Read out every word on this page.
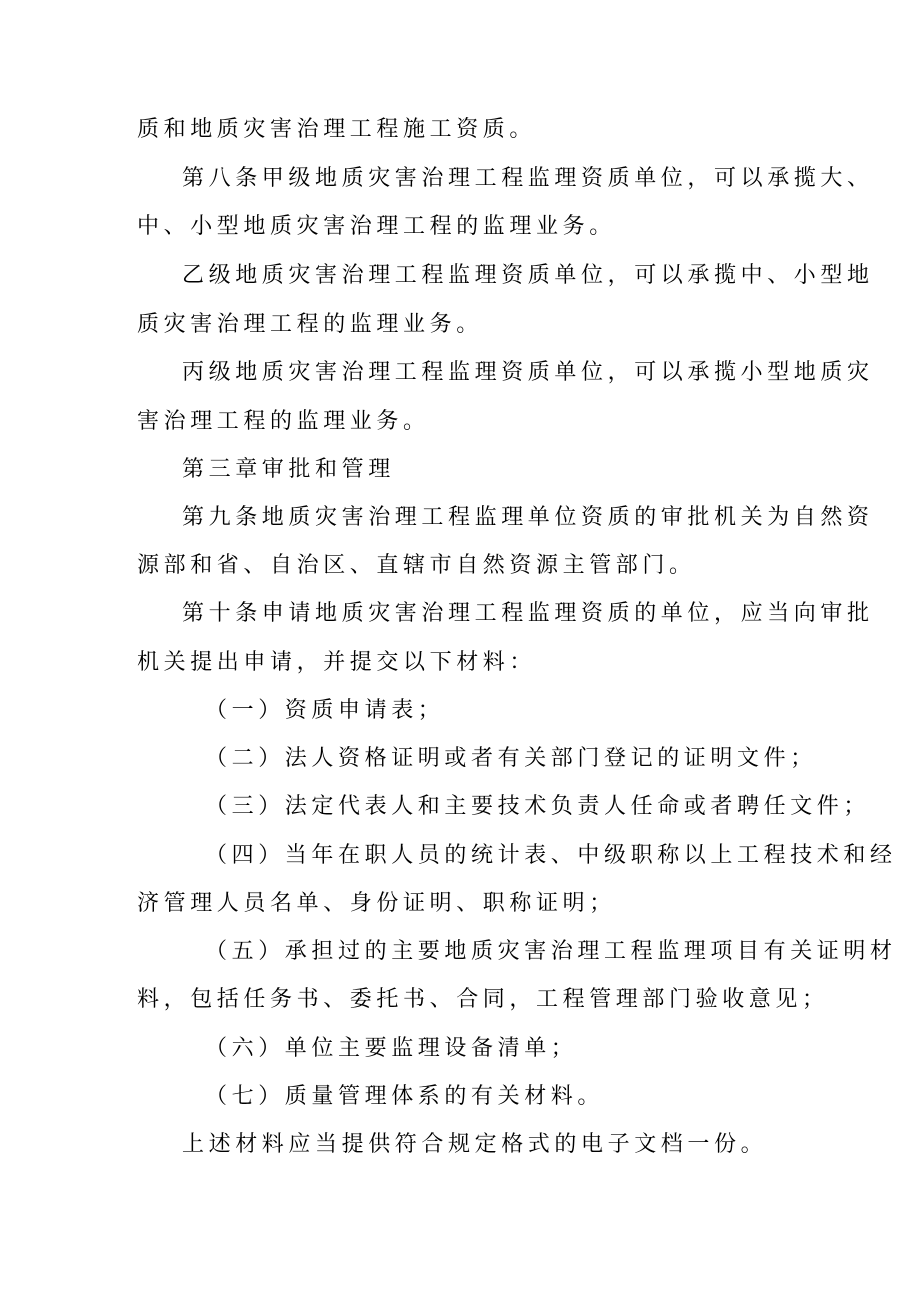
质和地质灾害治理工程施工资质。
第八条甲级地质灾害治理工程监理资质单位，可以承揽大、
中、小型地质灾害治理工程的监理业务。
乙级地质灾害治理工程监理资质单位，可以承揽中、小型地
质灾害治理工程的监理业务。
丙级地质灾害治理工程监理资质单位，可以承揽小型地质灾
害治理工程的监理业务。
第三章审批和管理
第九条地质灾害治理工程监理单位资质的审批机关为自然资
源部和省、自治区、直辖市自然资源主管部门。
第十条申请地质灾害治理工程监理资质的单位，应当向审批
机关提出申请，并提交以下材料：
（一）资质申请表；
（二）法人资格证明或者有关部门登记的证明文件；
（三）法定代表人和主要技术负责人任命或者聘任文件；
（四）当年在职人员的统计表、中级职称以上工程技术和经
济管理人员名单、身份证明、职称证明；
（五）承担过的主要地质灾害治理工程监理项目有关证明材
料，包括任务书、委托书、合同，工程管理部门验收意见；
（六）单位主要监理设备清单；
（七）质量管理体系的有关材料。
上述材料应当提供符合规定格式的电子文档一份。
